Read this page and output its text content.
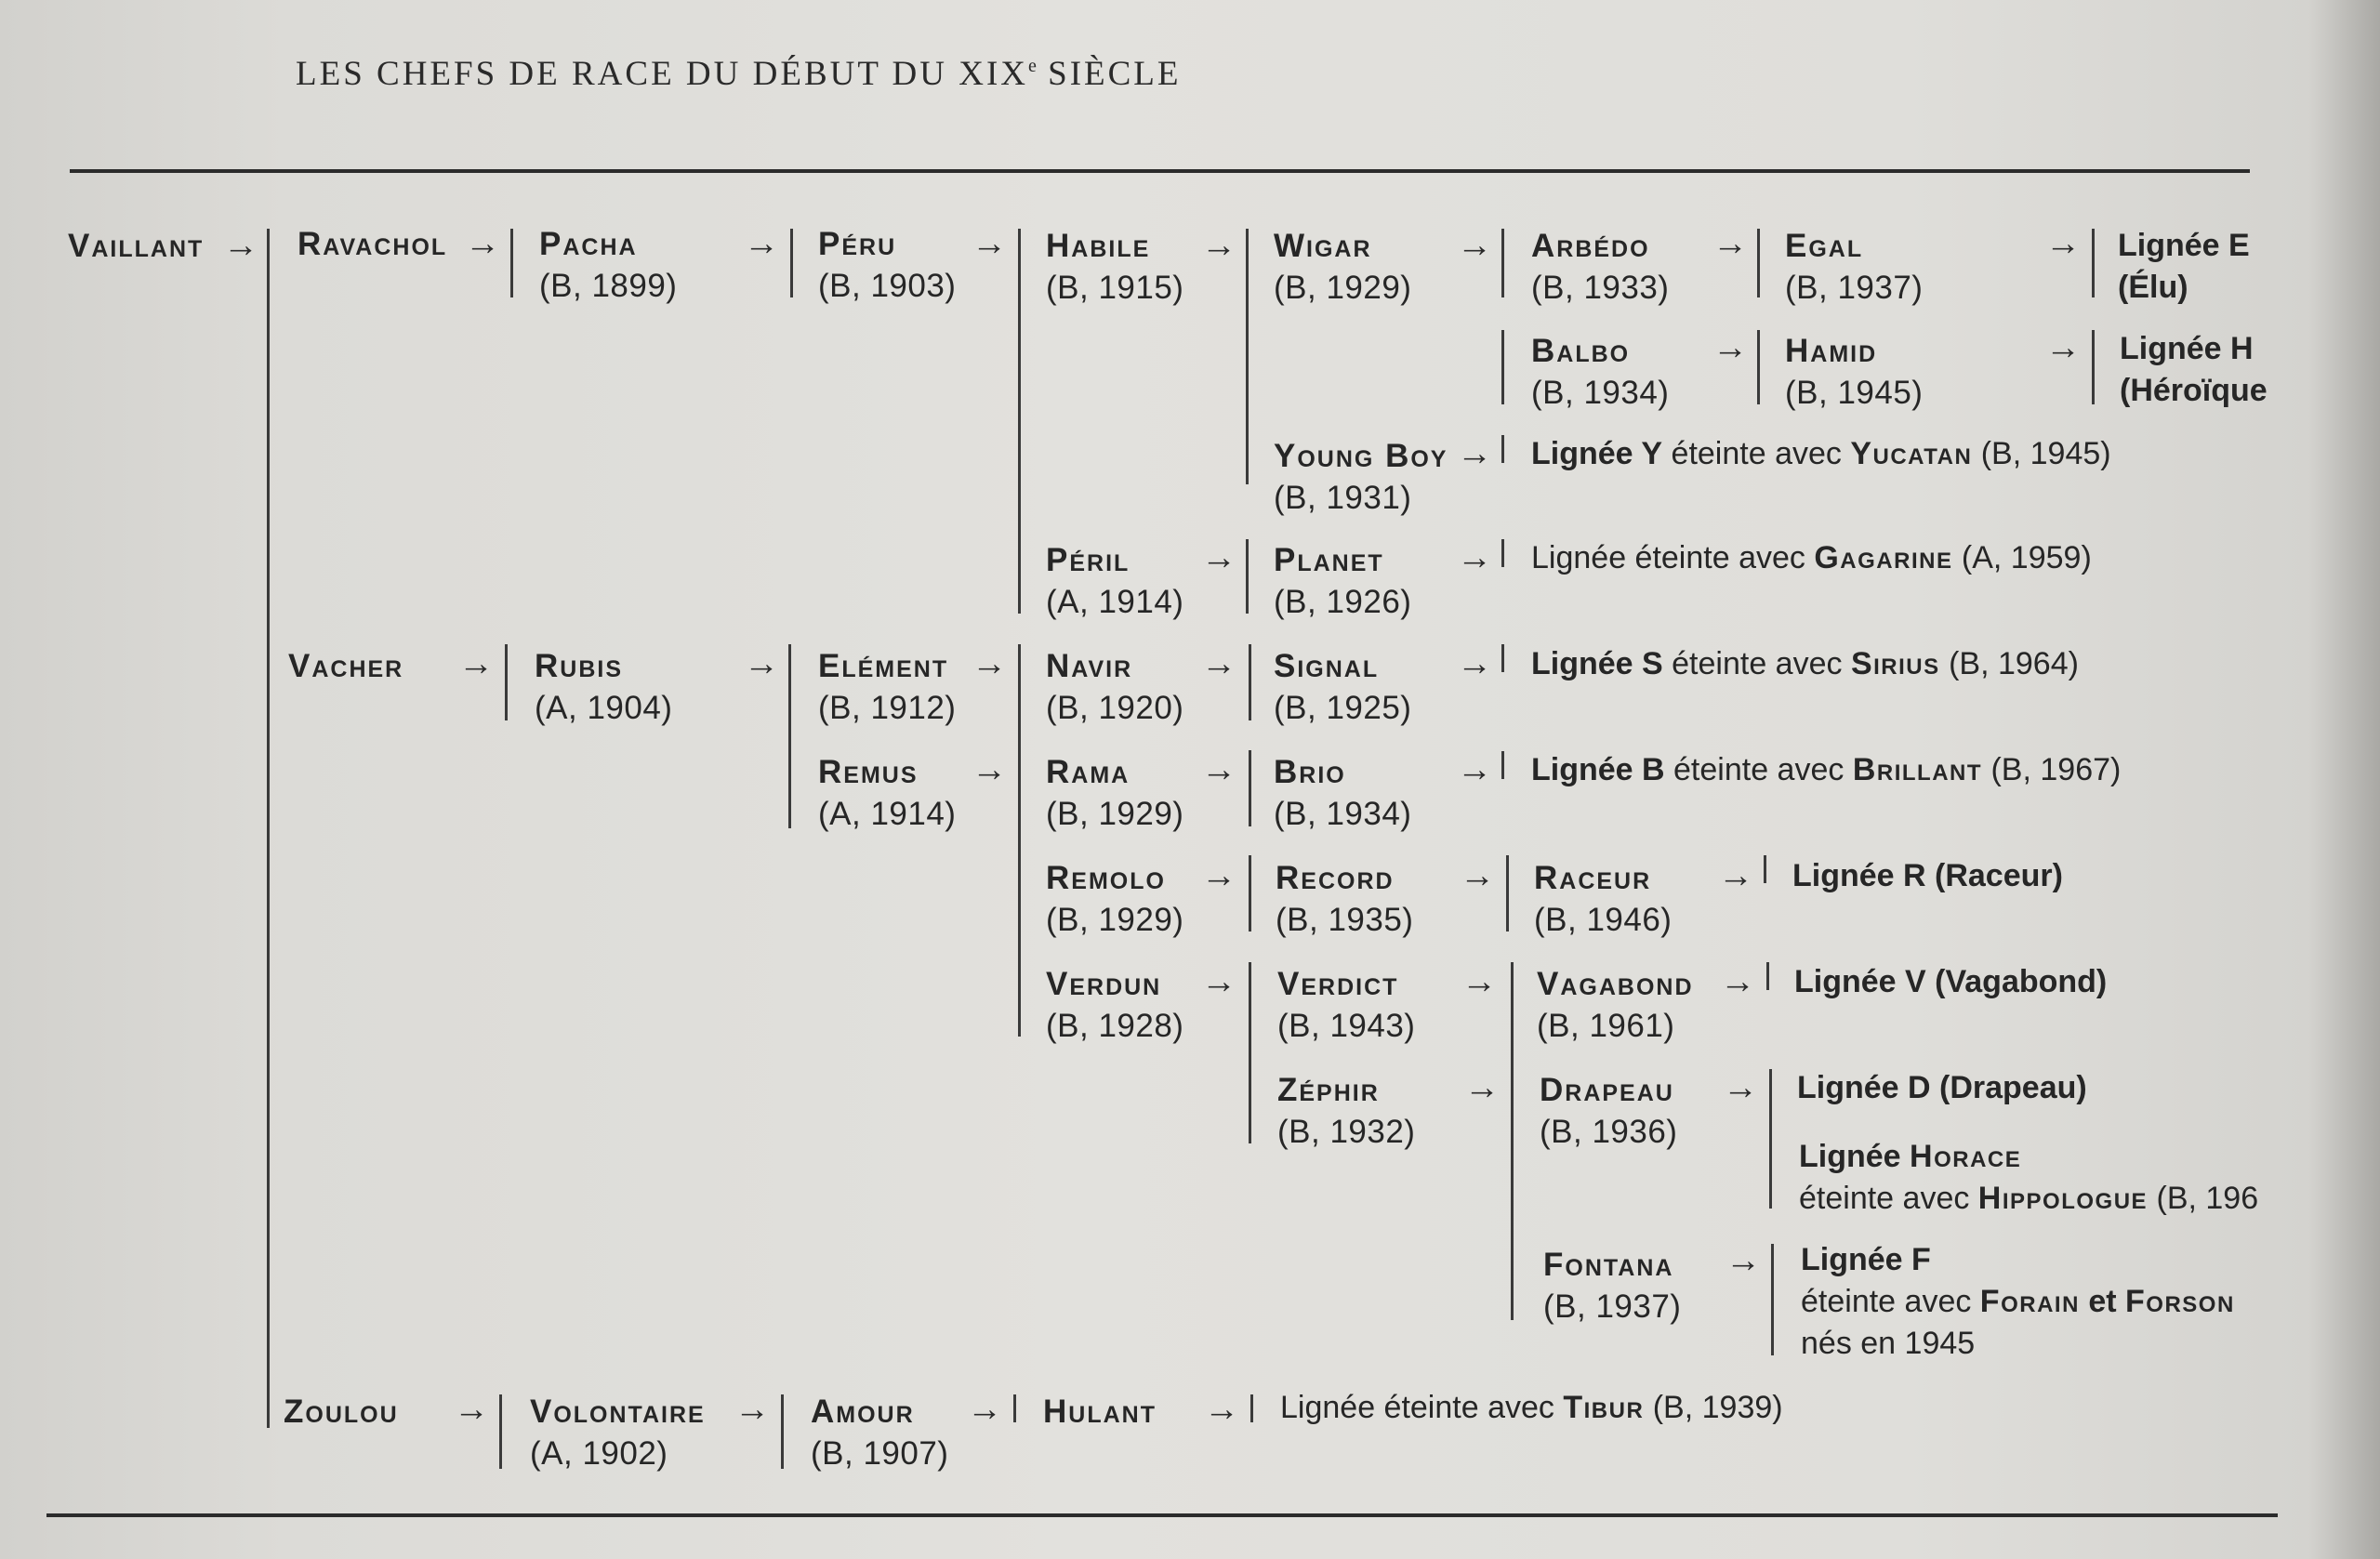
LES CHEFS DE RACE DU DÉBUT DU XIXe SIÈCLE
Vaillant → Ravachol → Pacha
(B, 1899)
→ Péru
(B, 1903)
→ Habile
(B, 1915)
→ Wigar
(B, 1929)
→ Arbédo
(B, 1933)
→ Egal
(B, 1937)
→ Lignée E
(Élu)
Balbo
(B, 1934)
→ Hamid
(B, 1945)
→ Lignée H
(Héroïque
Young Boy
(B, 1931)
→ Lignée Y éteinte avec Yucatan (B, 1945)
Péril
(A, 1914)
→ Planet
(B, 1926)
→ Lignée éteinte avec Gagarine (A, 1959)
Vacher → Rubis
(A, 1904)
→ Elément
(B, 1912)
→ Navir
(B, 1920)
→ Signal
(B, 1925)
→ Lignée S éteinte avec Sirius (B, 1964)
Remus
(A, 1914)
→ Rama
(B, 1929)
→ Brio
(B, 1934)
→ Lignée B éteinte avec Brillant (B, 1967)
Remolo
(B, 1929)
→ Record
(B, 1935)
→ Raceur
(B, 1946)
→ Lignée R (Raceur)
Verdun
(B, 1928)
→ Verdict
(B, 1943)
→ Vagabond
(B, 1961)
→ Lignée V (Vagabond)
Zéphir
(B, 1932)
→ Drapeau
(B, 1936)
→ Lignée D (Drapeau)
Lignée Horace
éteinte avec Hippologue (B, 196
Fontana
(B, 1937)
→ Lignée F
éteinte avec Forain et Forson
nés en 1945
Zoulou → Volontaire
(A, 1902)
→ Amour
(B, 1907)
→ Hulant → Lignée éteinte avec Tibur (B, 1939)
